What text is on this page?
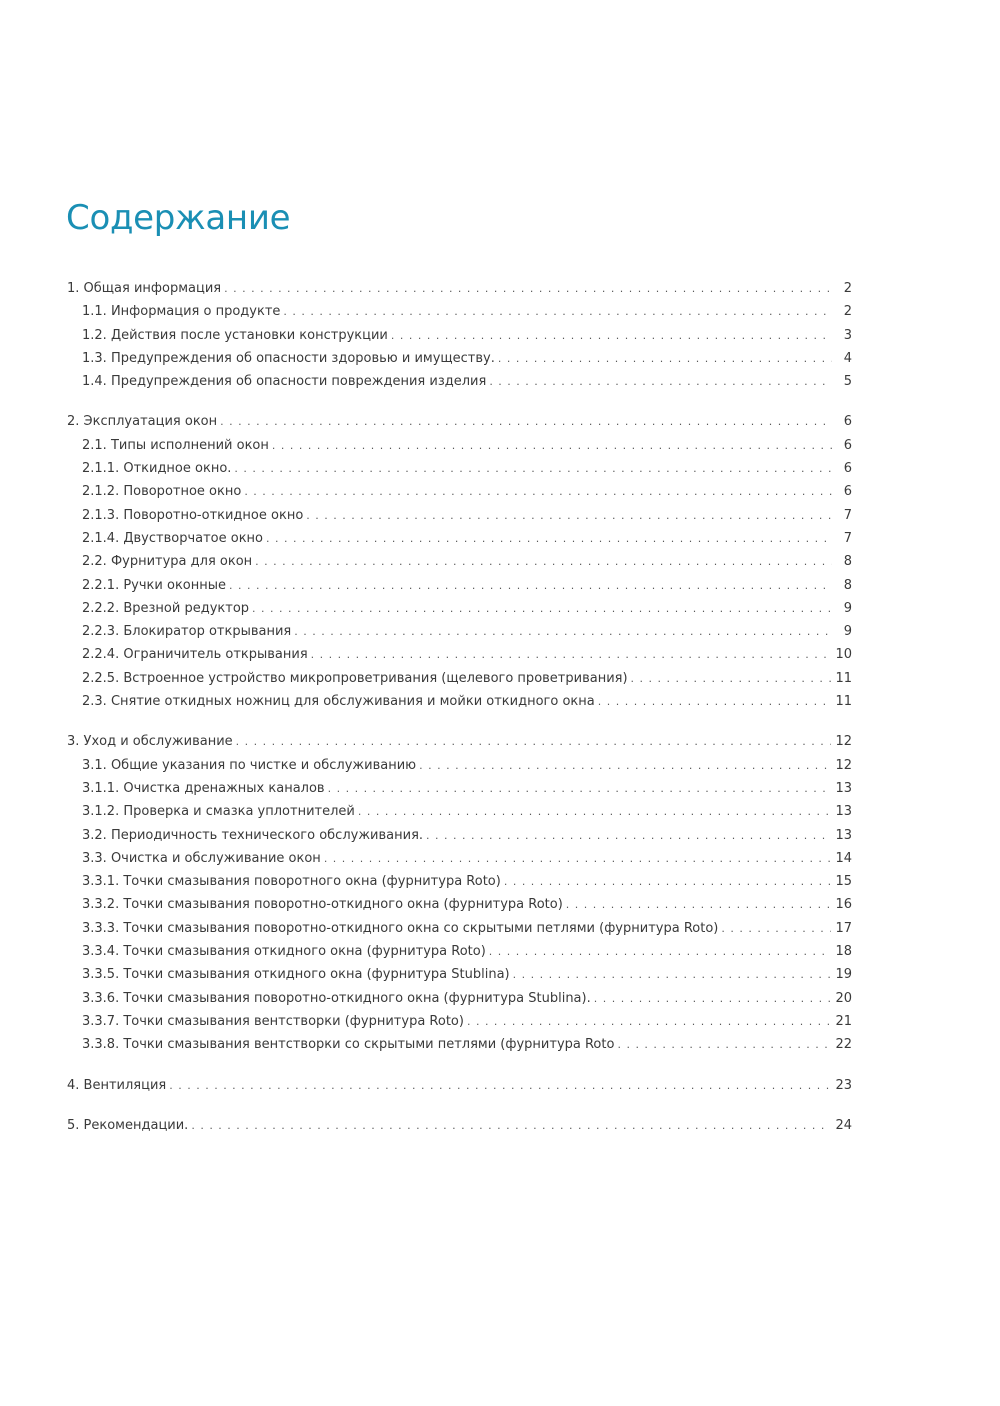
Содержание
1. Общая информация . . .	2
1.1. Информация о продукте . . .	2
1.2. Действия после установки конструкции . . .	3
1.3. Предупреждения об опасности здоровью и имуществу. . . .	4
1.4. Предупреждения об опасности повреждения изделия . . .	5
2. Эксплуатация окон . . .	6
2.1. Типы исполнений окон . . .	6
2.1.1. Откидное окно. . . .	6
2.1.2. Поворотное окно . . .	6
2.1.3. Поворотно-откидное окно . . .	7
2.1.4. Двустворчатое окно . . .	7
2.2. Фурнитура для окон . . .	8
2.2.1. Ручки оконные . . .	8
2.2.2. Врезной редуктор . . .	9
2.2.3. Блокиратор открывания . . .	9
2.2.4. Ограничитель открывания . . .	10
2.2.5. Встроенное устройство микропроветривания (щелевого проветривания) . . .	11
2.3. Снятие откидных ножниц для обслуживания и мойки откидного окна . . .	11
3. Уход и обслуживание . . .	12
3.1. Общие указания по чистке и обслуживанию . . .	12
3.1.1. Очистка дренажных каналов . . .	13
3.1.2. Проверка и смазка уплотнителей . . .	13
3.2. Периодичность технического обслуживания. . . .	13
3.3. Очистка и обслуживание окон . . .	14
3.3.1. Точки смазывания поворотного окна (фурнитура Roto) . . .	15
3.3.2. Точки смазывания поворотно-откидного окна (фурнитура Roto) . . .	16
3.3.3. Точки смазывания поворотно-откидного окна со скрытыми петлями (фурнитура Roto) . . .	17
3.3.4. Точки смазывания откидного окна (фурнитура Roto) . . .	18
3.3.5. Точки смазывания откидного окна (фурнитура Stublina) . . .	19
3.3.6. Точки смазывания поворотно-откидного окна (фурнитура Stublina). . . .	20
3.3.7. Точки смазывания вентстворки (фурнитура Roto) . . .	21
3.3.8. Точки смазывания вентстворки со скрытыми петлями (фурнитура Roto . . .	22
4. Вентиляция . . .	23
5. Рекомендации. . . .	24
